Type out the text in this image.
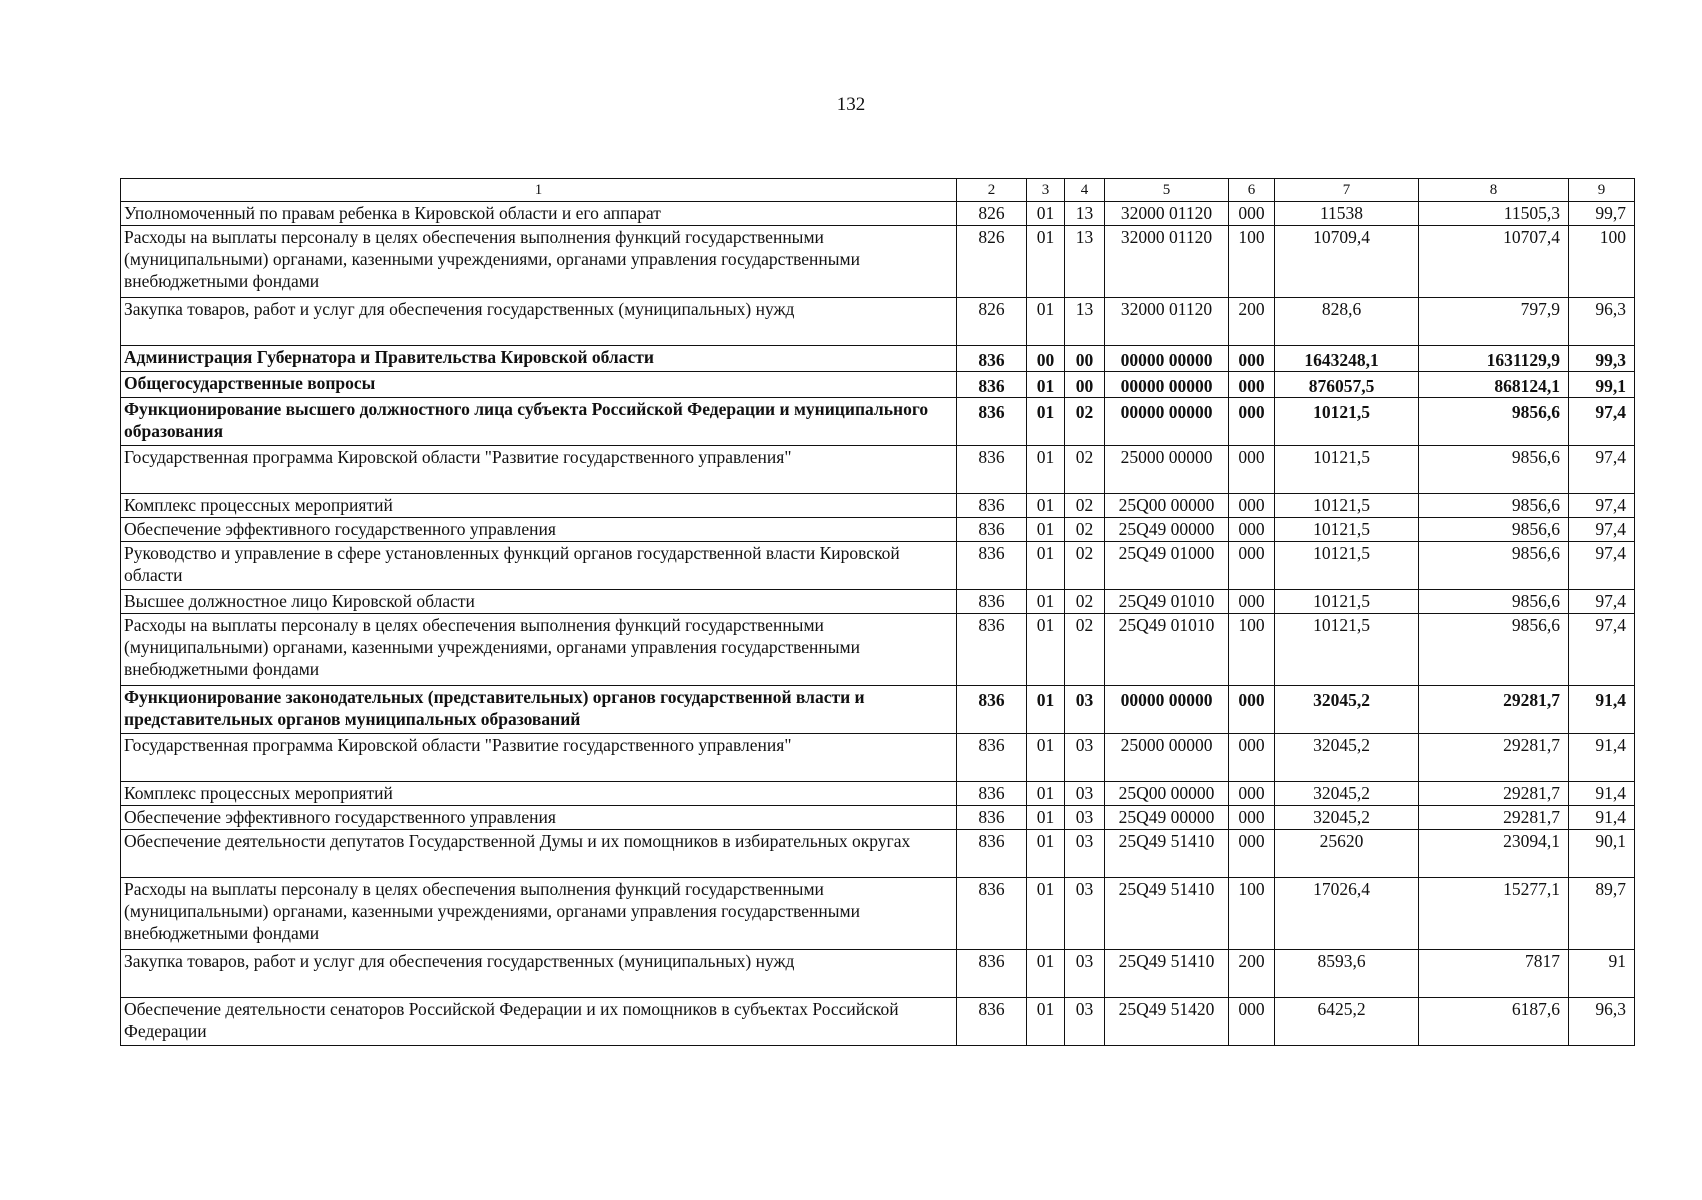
132
1	2	3	4	5	6	7	8	9
Уполномоченный по правам ребенка в Кировской области и его аппарат	826	01	13	32000 01120	000	11538	11505,3	99,7
Расходы на выплаты персоналу в целях обеспечения выполнения функций государственными (муниципальными) органами, казенными учреждениями, органами управления государственными внебюджетными фондами	826	01	13	32000 01120	100	10709,4	10707,4	100
Закупка товаров, работ и услуг для обеспечения государственных (муниципальных) нужд	826	01	13	32000 01120	200	828,6	797,9	96,3
Администрация Губернатора и Правительства Кировской области	836	00	00	00000 00000	000	1643248,1	1631129,9	99,3
Общегосударственные вопросы	836	01	00	00000 00000	000	876057,5	868124,1	99,1
Функционирование высшего должностного лица субъекта Российской Федерации и муниципального образования	836	01	02	00000 00000	000	10121,5	9856,6	97,4
Государственная программа Кировской области "Развитие государственного управления"	836	01	02	25000 00000	000	10121,5	9856,6	97,4
Комплекс процессных мероприятий	836	01	02	25Q00 00000	000	10121,5	9856,6	97,4
Обеспечение эффективного государственного управления	836	01	02	25Q49 00000	000	10121,5	9856,6	97,4
Руководство и управление в сфере установленных функций органов государственной власти Кировской области	836	01	02	25Q49 01000	000	10121,5	9856,6	97,4
Высшее должностное лицо Кировской области	836	01	02	25Q49 01010	000	10121,5	9856,6	97,4
Расходы на выплаты персоналу в целях обеспечения выполнения функций государственными (муниципальными) органами, казенными учреждениями, органами управления государственными внебюджетными фондами	836	01	02	25Q49 01010	100	10121,5	9856,6	97,4
Функционирование законодательных (представительных) органов государственной власти и представительных органов муниципальных образований	836	01	03	00000 00000	000	32045,2	29281,7	91,4
Государственная программа Кировской области "Развитие государственного управления"	836	01	03	25000 00000	000	32045,2	29281,7	91,4
Комплекс процессных мероприятий	836	01	03	25Q00 00000	000	32045,2	29281,7	91,4
Обеспечение эффективного государственного управления	836	01	03	25Q49 00000	000	32045,2	29281,7	91,4
Обеспечение деятельности депутатов Государственной Думы и их помощников в избирательных округах	836	01	03	25Q49 51410	000	25620	23094,1	90,1
Расходы на выплаты персоналу в целях обеспечения выполнения функций государственными (муниципальными) органами, казенными учреждениями, органами управления государственными внебюджетными фондами	836	01	03	25Q49 51410	100	17026,4	15277,1	89,7
Закупка товаров, работ и услуг для обеспечения государственных (муниципальных) нужд	836	01	03	25Q49 51410	200	8593,6	7817	91
Обеспечение деятельности сенаторов Российской Федерации и их помощников в субъектах Российской Федерации	836	01	03	25Q49 51420	000	6425,2	6187,6	96,3
